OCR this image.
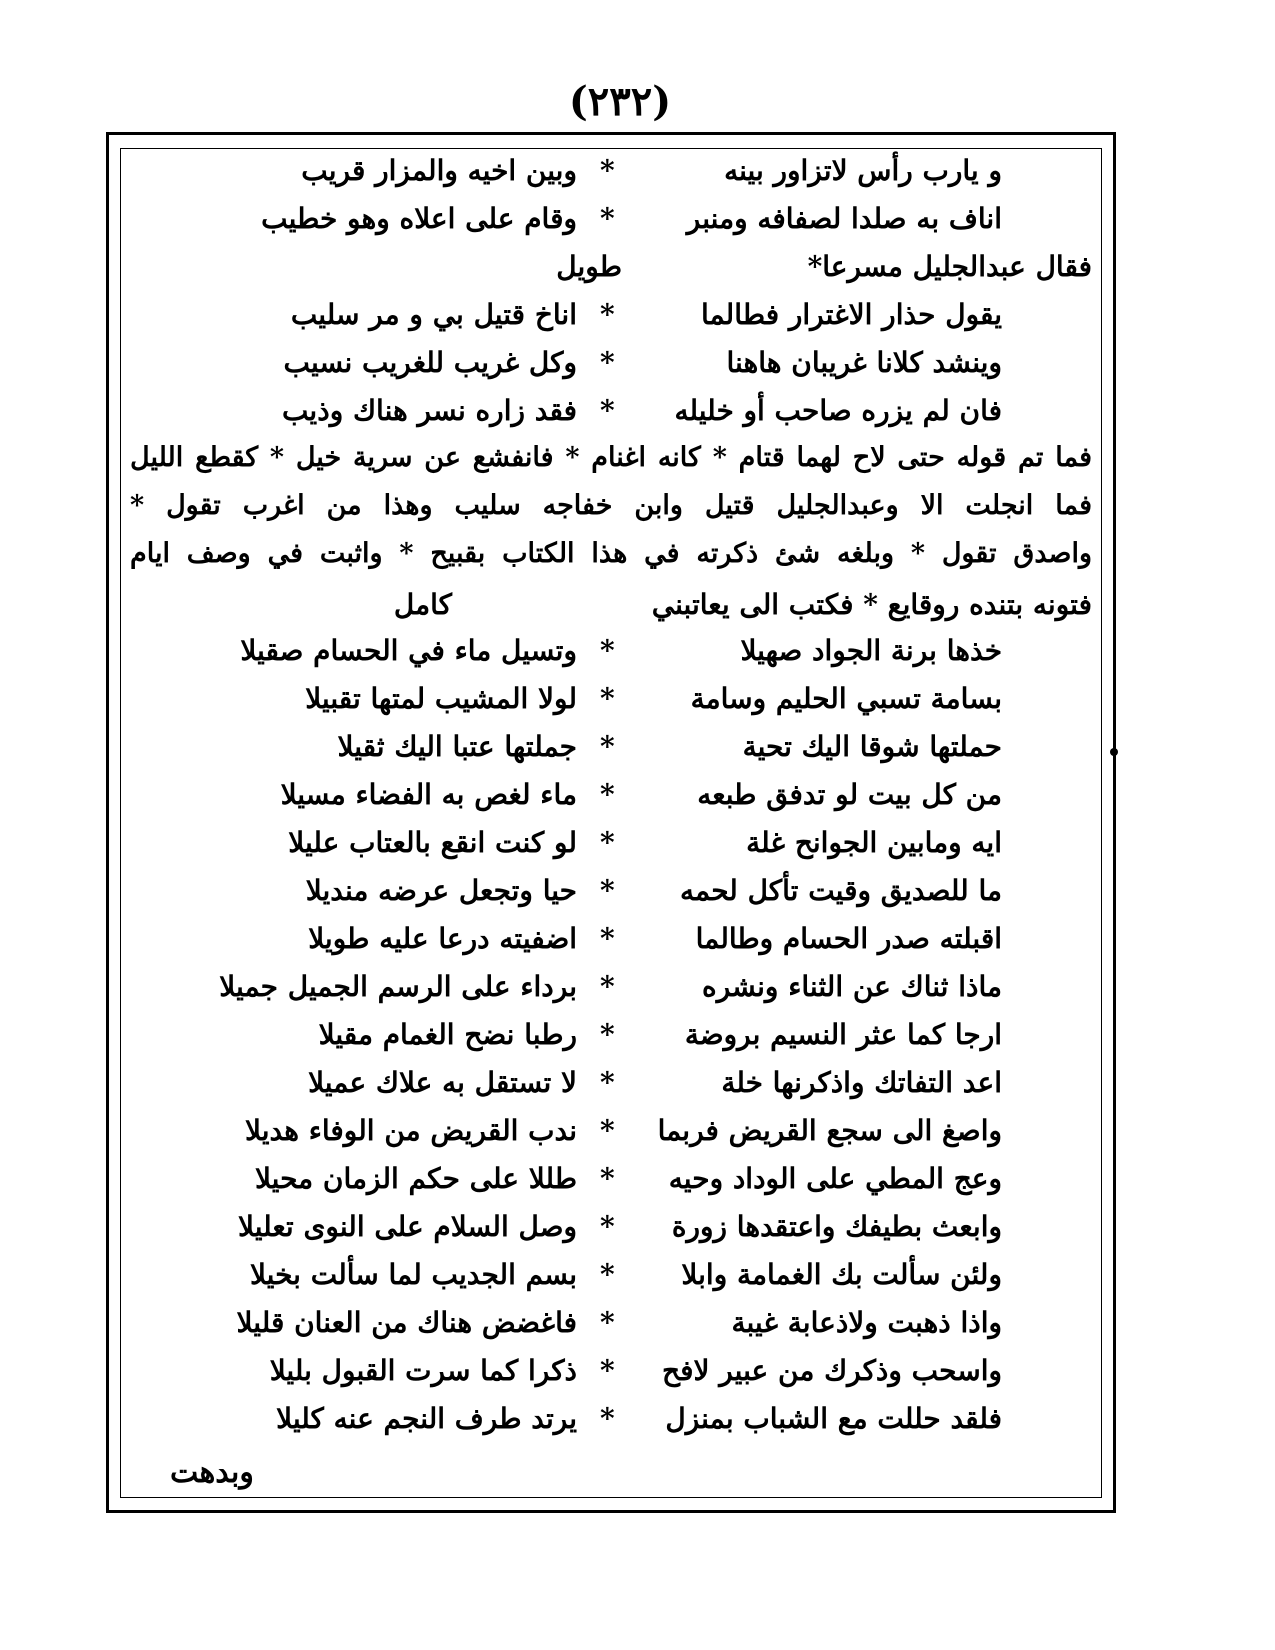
(٢٣٢)
و يارب رأس لاتزاور بينه
*
وبين اخيه والمزار قريب
اناف به صلدا لصفافه ومنبر
*
وقام على اعلاه وهو خطيب
فقال عبدالجليل مسرعا*
طويل
يقول حذار الاغترار فطالما
*
اناخ قتيل بي و مر سليب
وينشد كلانا غريبان هاهنا
*
وكل غريب للغريب نسيب
فان لم يزره صاحب أو خليله
*
فقد زاره نسر هناك وذيب
فما تم قوله حتى لاح لهما قتام * كانه اغنام * فانفشع عن سرية خيل * كقطع الليل
فما انجلت الا وعبدالجليل قتيل وابن خفاجه سليب وهذا من اغرب تقول *
واصدق تقول * وبلغه شئ ذكرته في هذا الكتاب بقبيح * واثبت في وصف ايام
فتونه بتنده روقايع * فكتب الى يعاتبني
كامل
خذها برنة الجواد صهيلا
*
وتسيل ماء في الحسام صقيلا
بسامة تسبي الحليم وسامة
*
لولا المشيب لمتها تقبيلا
حملتها شوقا اليك تحية
*
جملتها عتبا اليك ثقيلا
من كل بيت لو تدفق طبعه
*
ماء لغص به الفضاء مسيلا
ايه ومابين الجوانح غلة
*
لو كنت انقع بالعتاب عليلا
ما للصديق وقيت تأكل لحمه
*
حيا وتجعل عرضه منديلا
اقبلته صدر الحسام وطالما
*
اضفيته درعا عليه طويلا
ماذا ثناك عن الثناء ونشره
*
برداء على الرسم الجميل جميلا
ارجا كما عثر النسيم بروضة
*
رطبا نضح الغمام مقيلا
اعد التفاتك واذكرنها خلة
*
لا تستقل به علاك عميلا
واصغ الى سجع القريض فربما
*
ندب القريض من الوفاء هديلا
وعج المطي على الوداد وحيه
*
طللا على حكم الزمان محيلا
وابعث بطيفك واعتقدها زورة
*
وصل السلام على النوى تعليلا
ولئن سألت بك الغمامة وابلا
*
بسم الجديب لما سألت بخيلا
واذا ذهبت ولاذعابة غيبة
*
فاغضض هناك من العنان قليلا
واسحب وذكرك من عبير لافح
*
ذكرا كما سرت القبول بليلا
فلقد حللت مع الشباب بمنزل
*
يرتد طرف النجم عنه كليلا
وبدهت
